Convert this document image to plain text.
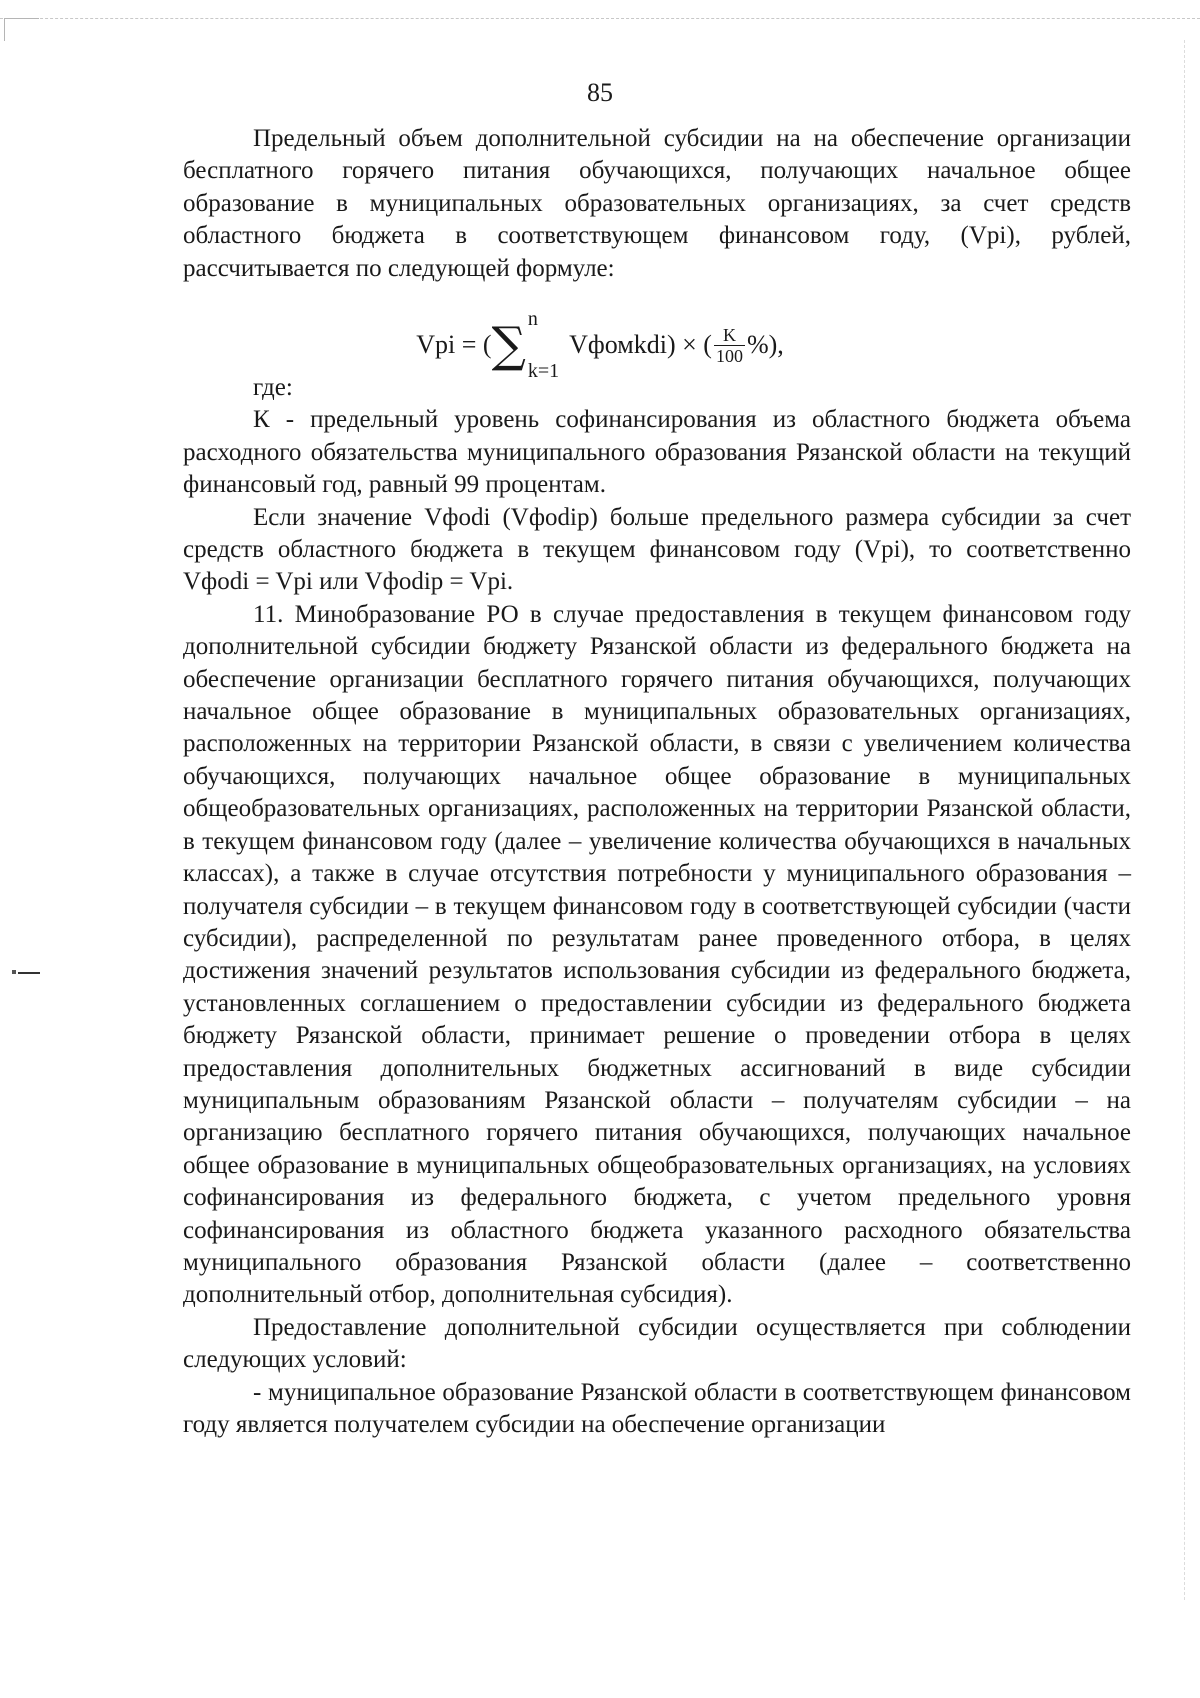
85

Предельный объем дополнительной субсидии на на обеспечение организации бесплатного горячего питания обучающихся, получающих начальное общее образование в муниципальных образовательных организациях, за счет средств областного бюджета в соответствующем финансовом году, (Vpi), рублей, рассчитывается по следующей формуле:

Vpi = ( ∑ n
k=1
Vфомkdi) × ( $\frac{K}{100}$ %),

где:

К - предельный уровень софинансирования из областного бюджета объема расходного обязательства муниципального образования Рязанской области на текущий финансовый год, равный 99 процентам.

Если значение Vфodi (Vфodip) больше предельного размера субсидии за счет средств областного бюджета в текущем финансовом году (Vpi), то соответственно Vфodi = Vpi или Vфodip = Vpi.

11. Минобразование РО в случае предоставления в текущем финансовом году дополнительной субсидии бюджету Рязанской области из федерального бюджета на обеспечение организации бесплатного горячего питания обучающихся, получающих начальное общее образование в муниципальных образовательных организациях, расположенных на территории Рязанской области, в связи с увеличением количества обучающихся, получающих начальное общее образование в муниципальных общеобразовательных организациях, расположенных на территории Рязанской области, в текущем финансовом году (далее – увеличение количества обучающихся в начальных классах), а также в случае отсутствия потребности у муниципального образования – получателя субсидии – в текущем финансовом году в соответствующей субсидии (части субсидии), распределенной по результатам ранее проведенного отбора, в целях достижения значений результатов использования субсидии из федерального бюджета, установленных соглашением о предоставлении субсидии из федерального бюджета бюджету Рязанской области, принимает решение о проведении отбора в целях предоставления дополнительных бюджетных ассигнований в виде субсидии муниципальным образованиям Рязанской области – получателям субсидии – на организацию бесплатного горячего питания обучающихся, получающих начальное общее образование в муниципальных общеобразовательных организациях, на условиях софинансирования из федерального бюджета, с учетом предельного уровня софинансирования из областного бюджета указанного расходного обязательства муниципального образования Рязанской области (далее – соответственно дополнительный отбор, дополнительная субсидия).

Предоставление дополнительной субсидии осуществляется при соблюдении следующих условий:

- муниципальное образование Рязанской области в соответствующем финансовом году является получателем субсидии на обеспечение организации
